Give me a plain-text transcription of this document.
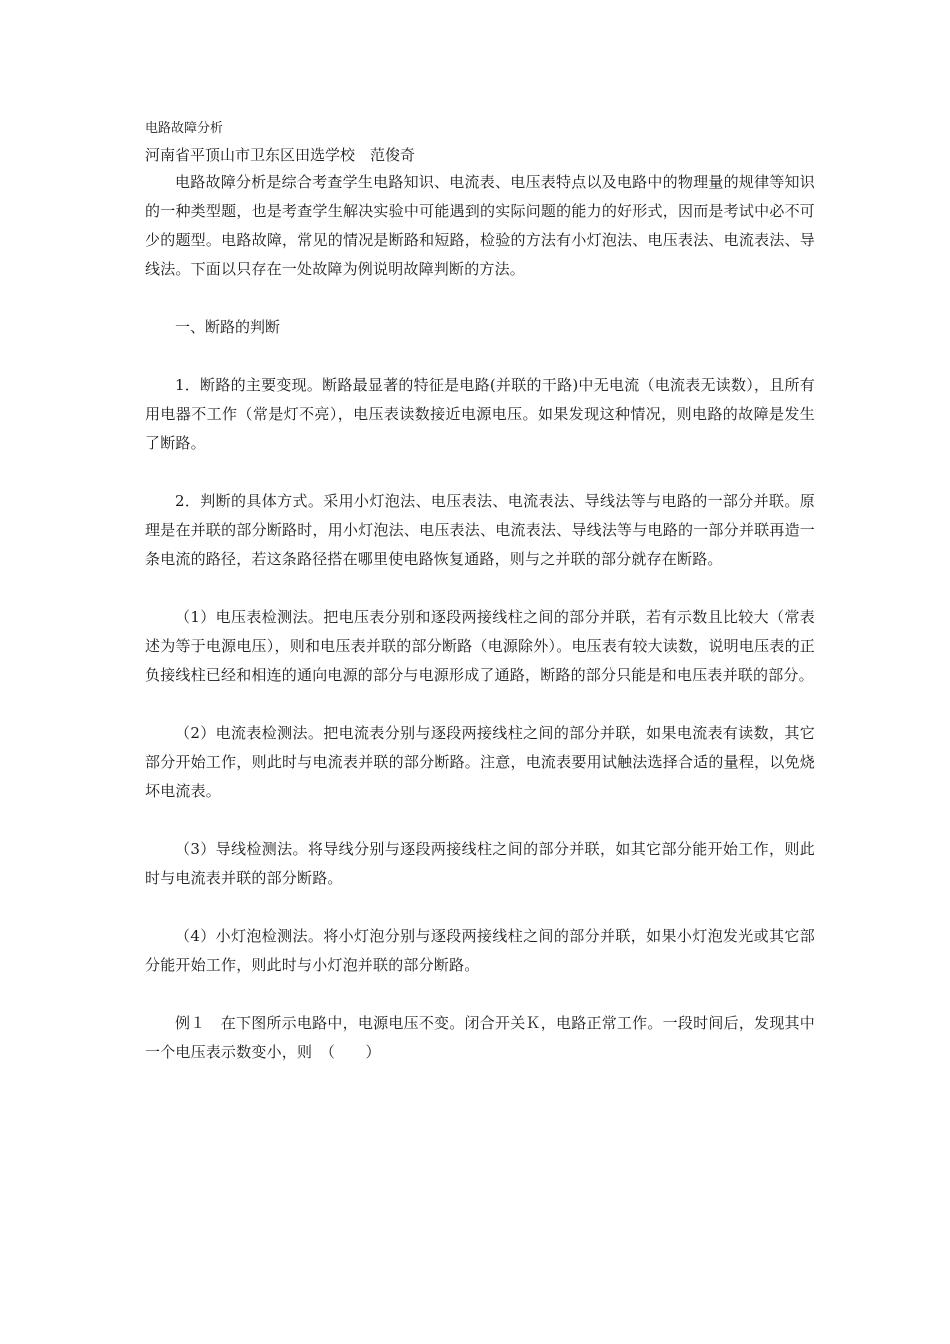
电路故障分析

河南省平顶山市卫东区田选学校　范俊奇

电路故障分析是综合考查学生电路知识、电流表、电压表特点以及电路中的物理量的规律等知识的一种类型题，也是考查学生解决实验中可能遇到的实际问题的能力的好形式，因而是考试中必不可少的题型。电路故障，常见的情况是断路和短路，检验的方法有小灯泡法、电压表法、电流表法、导线法。下面以只存在一处故障为例说明故障判断的方法。

一、断路的判断

1．断路的主要变现。断路最显著的特征是电路(并联的干路)中无电流（电流表无读数），且所有用电器不工作（常是灯不亮），电压表读数接近电源电压。如果发现这种情况，则电路的故障是发生了断路。

2．判断的具体方式。采用小灯泡法、电压表法、电流表法、导线法等与电路的一部分并联。原理是在并联的部分断路时，用小灯泡法、电压表法、电流表法、导线法等与电路的一部分并联再造一条电流的路径，若这条路径搭在哪里使电路恢复通路，则与之并联的部分就存在断路。

（1）电压表检测法。把电压表分别和逐段两接线柱之间的部分并联，若有示数且比较大（常表述为等于电源电压），则和电压表并联的部分断路（电源除外）。电压表有较大读数，说明电压表的正负接线柱已经和相连的通向电源的部分与电源形成了通路，断路的部分只能是和电压表并联的部分。

（2）电流表检测法。把电流表分别与逐段两接线柱之间的部分并联，如果电流表有读数，其它部分开始工作，则此时与电流表并联的部分断路。注意，电流表要用试触法选择合适的量程，以免烧坏电流表。

（3）导线检测法。将导线分别与逐段两接线柱之间的部分并联，如其它部分能开始工作，则此时与电流表并联的部分断路。

（4）小灯泡检测法。将小灯泡分别与逐段两接线柱之间的部分并联，如果小灯泡发光或其它部分能开始工作，则此时与小灯泡并联的部分断路。

例１　在下图所示电路中，电源电压不变。闭合开关Ｋ，电路正常工作。一段时间后，发现其中一个电压表示数变小，则　（　　）
